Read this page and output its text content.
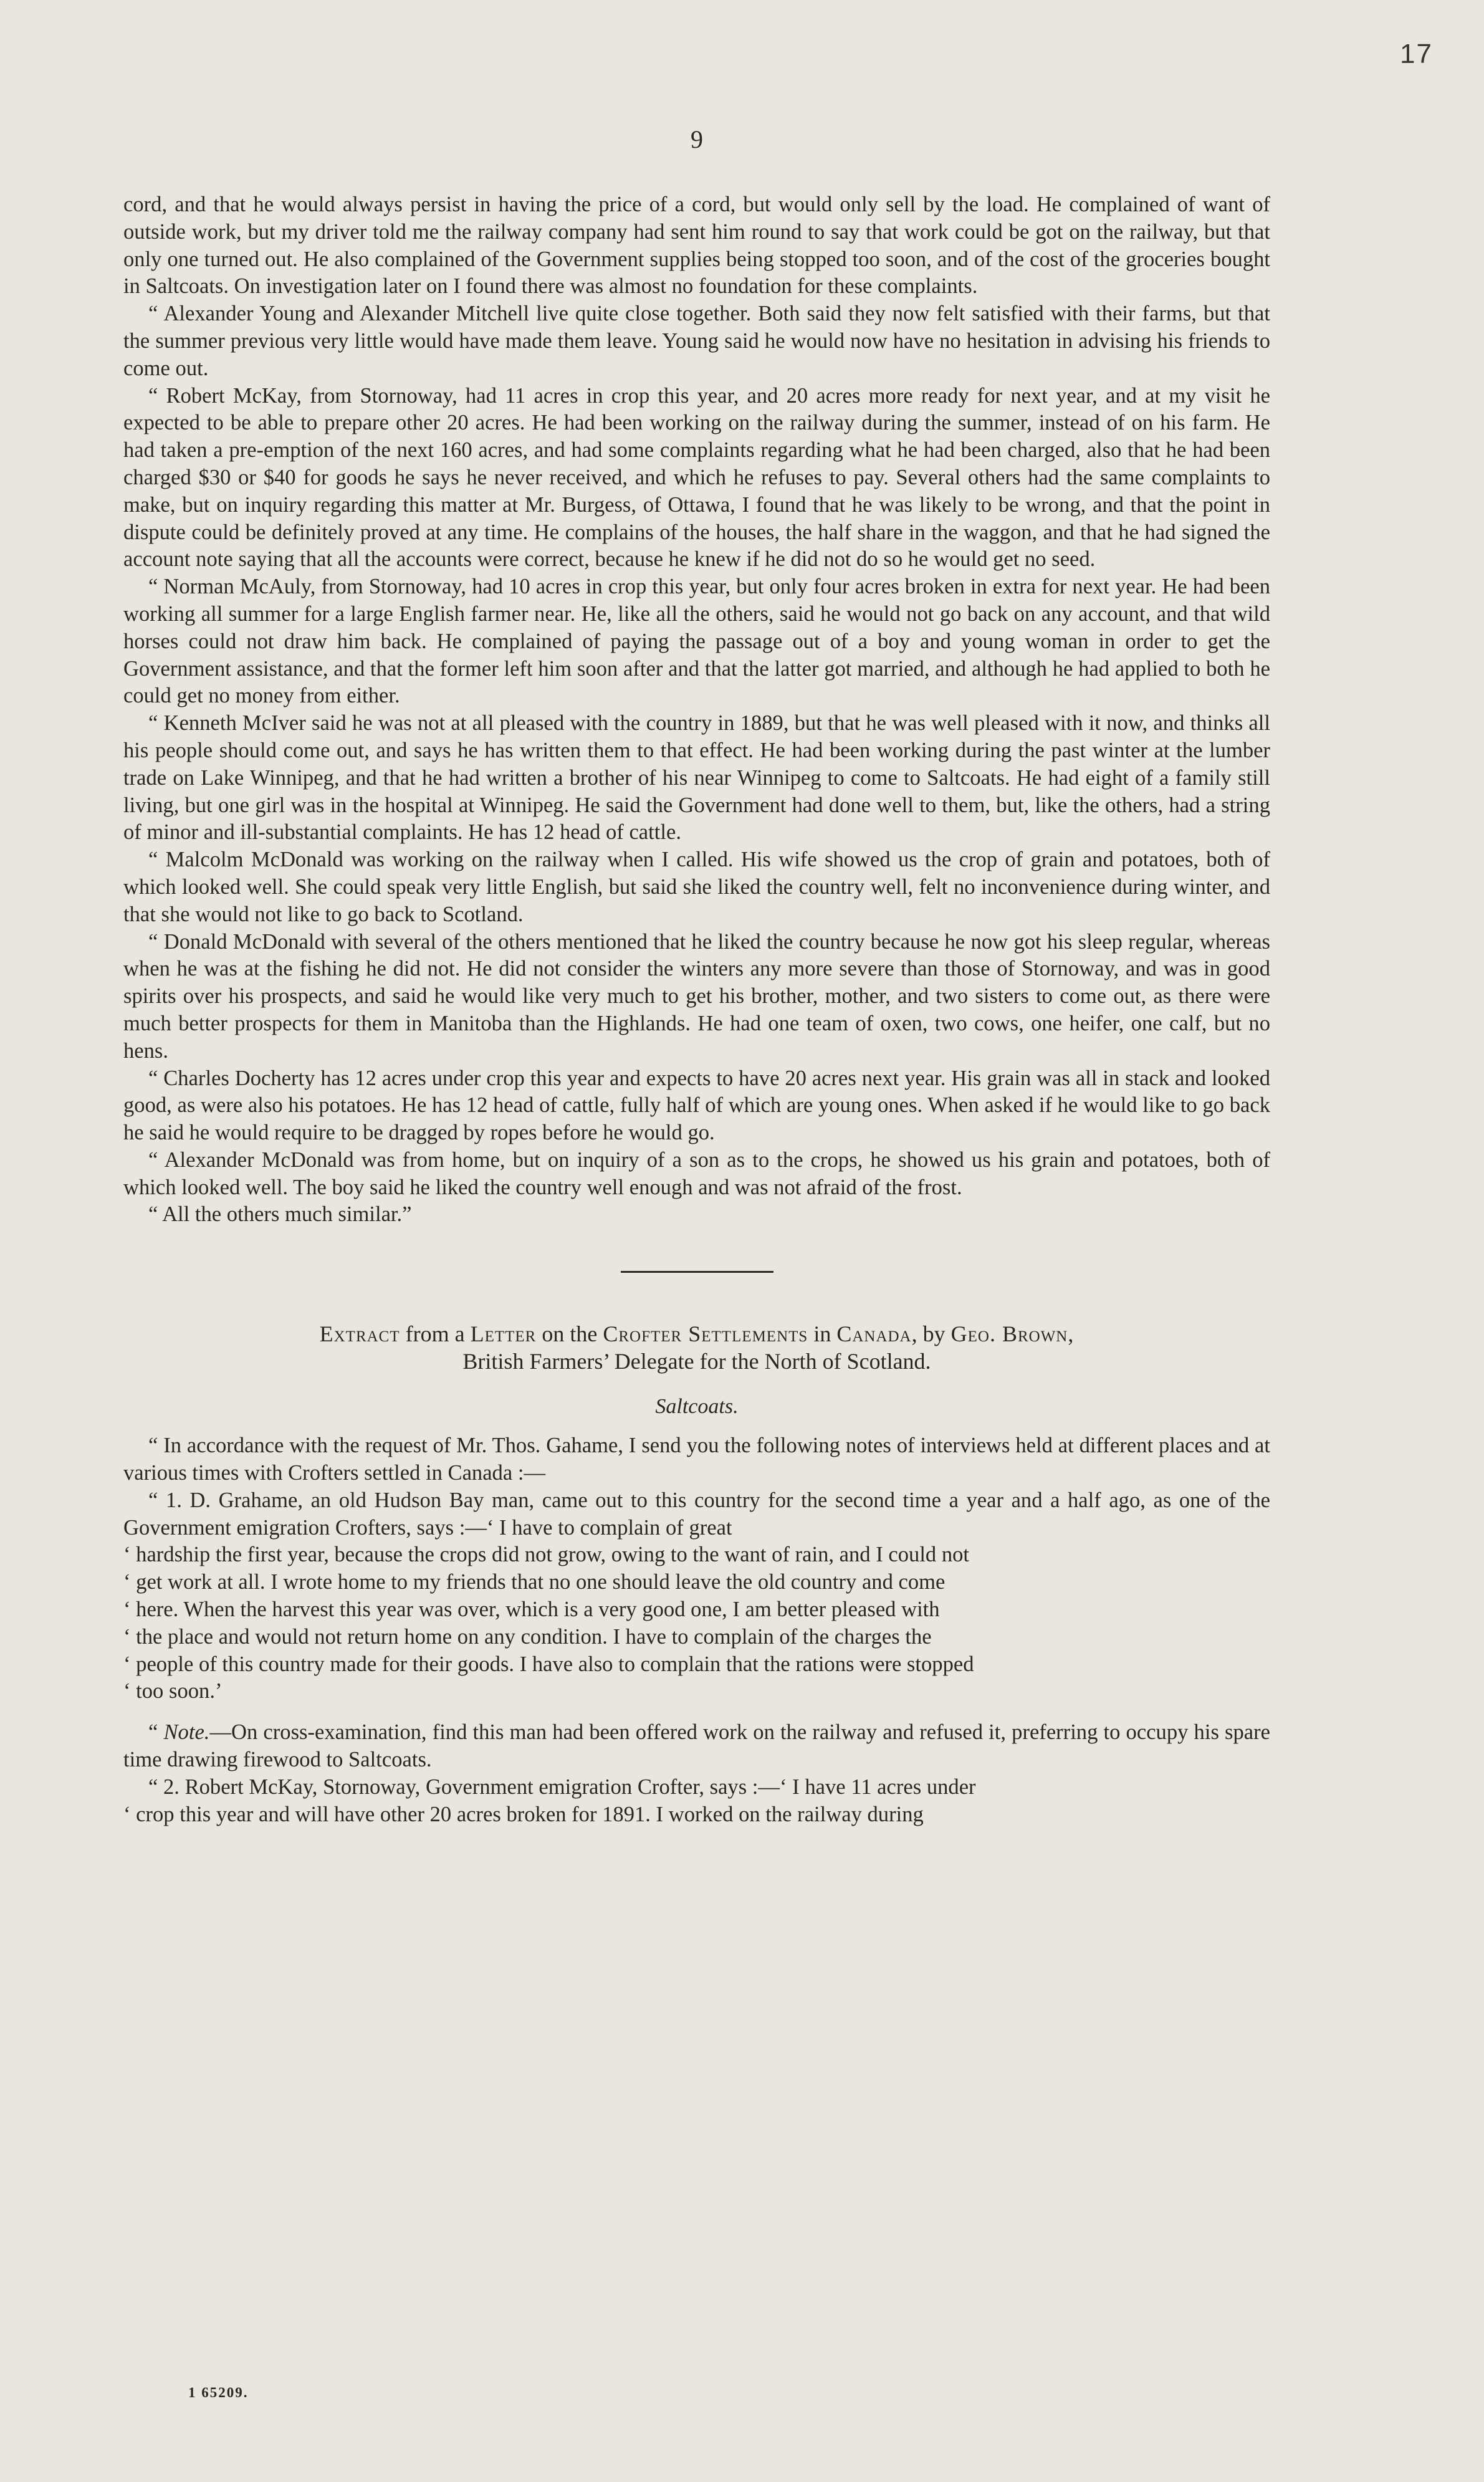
17
9

cord, and that he would always persist in having the price of a cord, but would only sell by the load. He complained of want of outside work, but my driver told me the railway company had sent him round to say that work could be got on the railway, but that only one turned out. He also complained of the Government supplies being stopped too soon, and of the cost of the groceries bought in Saltcoats. On investigation later on I found there was almost no foundation for these complaints.

“ Alexander Young and Alexander Mitchell live quite close together. Both said they now felt satisfied with their farms, but that the summer previous very little would have made them leave. Young said he would now have no hesitation in advising his friends to come out.

“ Robert McKay, from Stornoway, had 11 acres in crop this year, and 20 acres more ready for next year, and at my visit he expected to be able to prepare other 20 acres. He had been working on the railway during the summer, instead of on his farm. He had taken a pre-emption of the next 160 acres, and had some complaints regarding what he had been charged, also that he had been charged $30 or $40 for goods he says he never received, and which he refuses to pay. Several others had the same complaints to make, but on inquiry regarding this matter at Mr. Burgess, of Ottawa, I found that he was likely to be wrong, and that the point in dispute could be definitely proved at any time. He complains of the houses, the half share in the waggon, and that he had signed the account note saying that all the accounts were correct, because he knew if he did not do so he would get no seed.

“ Norman McAuly, from Stornoway, had 10 acres in crop this year, but only four acres broken in extra for next year. He had been working all summer for a large English farmer near. He, like all the others, said he would not go back on any account, and that wild horses could not draw him back. He complained of paying the passage out of a boy and young woman in order to get the Government assistance, and that the former left him soon after and that the latter got married, and although he had applied to both he could get no money from either.

“ Kenneth McIver said he was not at all pleased with the country in 1889, but that he was well pleased with it now, and thinks all his people should come out, and says he has written them to that effect. He had been working during the past winter at the lumber trade on Lake Winnipeg, and that he had written a brother of his near Winnipeg to come to Saltcoats. He had eight of a family still living, but one girl was in the hospital at Winnipeg. He said the Government had done well to them, but, like the others, had a string of minor and ill-substantial complaints. He has 12 head of cattle.

“ Malcolm McDonald was working on the railway when I called. His wife showed us the crop of grain and potatoes, both of which looked well. She could speak very little English, but said she liked the country well, felt no inconvenience during winter, and that she would not like to go back to Scotland.

“ Donald McDonald with several of the others mentioned that he liked the country because he now got his sleep regular, whereas when he was at the fishing he did not. He did not consider the winters any more severe than those of Stornoway, and was in good spirits over his prospects, and said he would like very much to get his brother, mother, and two sisters to come out, as there were much better prospects for them in Manitoba than the Highlands. He had one team of oxen, two cows, one heifer, one calf, but no hens.

“ Charles Docherty has 12 acres under crop this year and expects to have 20 acres next year. His grain was all in stack and looked good, as were also his potatoes. He has 12 head of cattle, fully half of which are young ones. When asked if he would like to go back he said he would require to be dragged by ropes before he would go.

“ Alexander McDonald was from home, but on inquiry of a son as to the crops, he showed us his grain and potatoes, both of which looked well. The boy said he liked the country well enough and was not afraid of the frost.

“ All the others much similar.”

Extract from a Letter on the Crofter Settlements in Canada, by Geo. Brown,

British Farmers’ Delegate for the North of Scotland.

Saltcoats.

“ In accordance with the request of Mr. Thos. Gahame, I send you the following notes of interviews held at different places and at various times with Crofters settled in Canada :—

“ 1. D. Grahame, an old Hudson Bay man, came out to this country for the second time a year and a half ago, as one of the Government emigration Crofters, says :—‘ I have to complain of great
‘ hardship the first year, because the crops did not grow, owing to the want of rain, and I could not
‘ get work at all. I wrote home to my friends that no one should leave the old country and come
‘ here. When the harvest this year was over, which is a very good one, I am better pleased with
‘ the place and would not return home on any condition. I have to complain of the charges the
‘ people of this country made for their goods. I have also to complain that the rations were stopped
‘ too soon.’

“ Note.—On cross-examination, find this man had been offered work on the railway and refused it, preferring to occupy his spare time drawing firewood to Saltcoats.

“ 2. Robert McKay, Stornoway, Government emigration Crofter, says :—‘ I have 11 acres under
‘ crop this year and will have other 20 acres broken for 1891. I worked on the railway during
1 65209.
